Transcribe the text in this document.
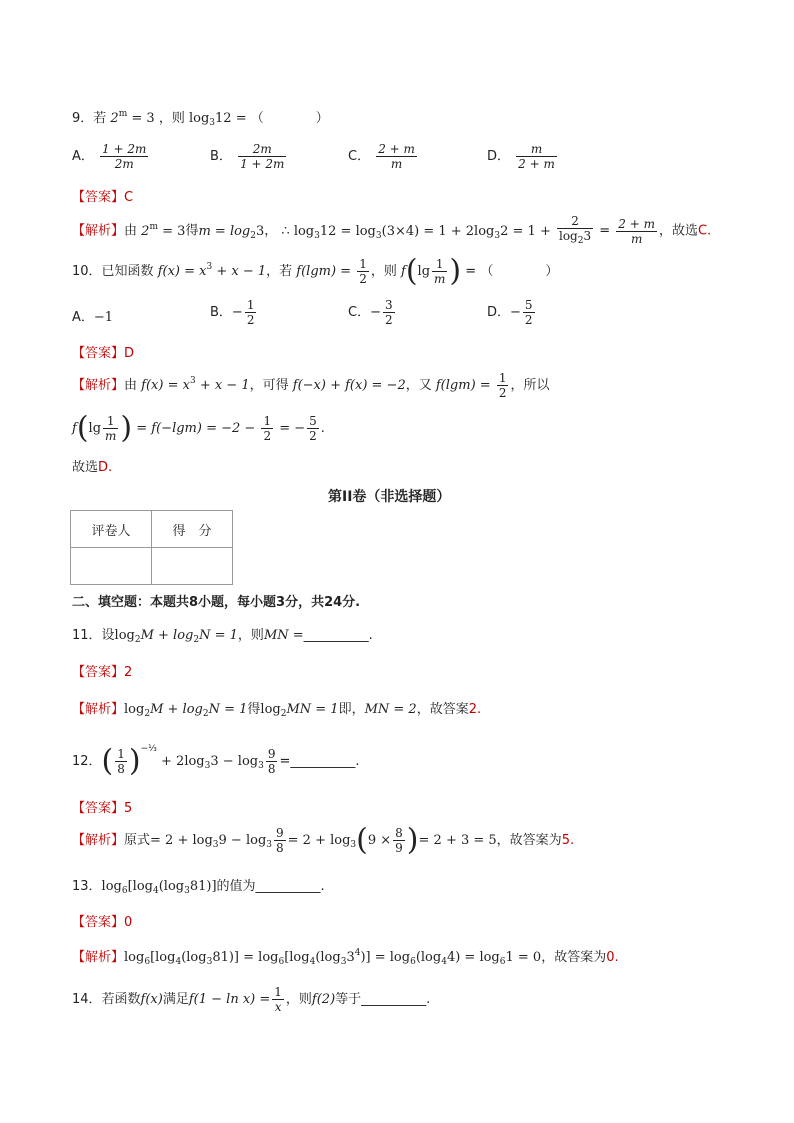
9．若 $2^m = 3$ ，则 $\log_312$ = （　　　　）
A． $\frac{1 + 2m}{2m}$	B． $\frac{2m}{1 + 2m}$	C． $\frac{2 + m}{m}$	D． $\frac{m}{2 + m}$
【答案】C
【解析】由 $2^m = 3$得$m = \log_23$， ∴ $\log_312 = \log_3(3\times 4) = 1 + 2\log_32 = 1 + \frac{2}{\log_23} = \frac{2 + m}{m}$ ，故选C.
10．已知函数 $f(x) = x^3 + x - 1$，若 $f(\lg m) = \frac{1}{2}$ ，则 $f(\lg \frac{1}{m}$ ) = （　　　　）
A．−1	B．− $\frac{1}{2}$	C．− $\frac{3}{2}$	D．− $\frac{5}{2}$
【答案】D
【解析】由 $f(x) = x^3 + x - 1$，可得 f(−x) + f(x) = −2，又 $f(\lg m) = \frac{1}{2}$ ，所以
$f(\lg \frac{1}{m}$ ) = $f(-\lg m) = -2 - \frac{1}{2}$ = − $\frac{5}{2}$ .
故选D.
第II卷（非选择题）
评卷人	得　分

二、填空题：本题共8小题，每小题3分，共24分.
11．设$\log_2M + \log_2N = 1$，则MN =__________.
【答案】2
【解析】$\log_2M + \log_2N = 1$得$\log_2MN = 1$即，MN = 2，故答案2.
12．( $\frac{1}{8} )^{-\frac{1}{3}} + 2\log_33 - \log_3 \frac{9}{8}$ =__________.
【答案】5
【解析】原式= $2 + \log_39 - \log_3 \frac{9}{8} = 2 + \log_3(9 \times \frac{8}{9}$ )= 2 + 3 = 5，故答案为5.
13．$\log_6[\log_4(\log_381)]$的值为__________.
【答案】0
【解析】$\log_6[\log_4(\log_381)] = \log_6[\log_4(\log_33^4)] = \log_6(\log_44) = \log_61 = 0$，故答案为0.
14．若函数f(x)满足$f(1 - \ln x) = \frac{1}{x}$ ，则f(2)等于__________.
